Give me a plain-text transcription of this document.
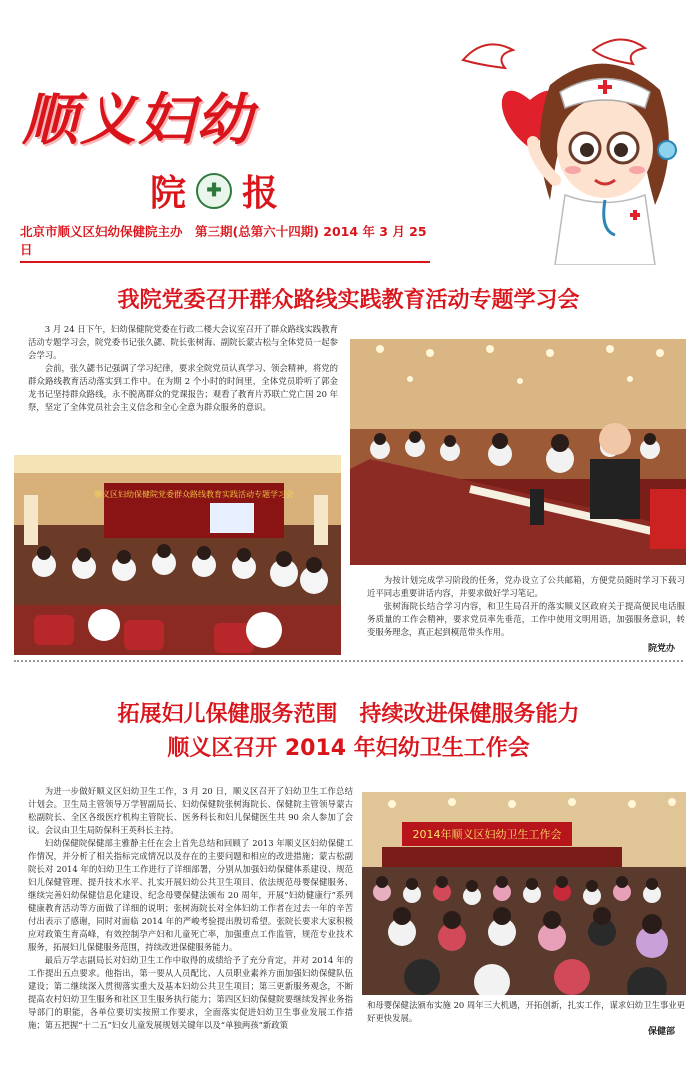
顺义妇幼
院	✚ 报
北京市顺义区妇幼保健院主办　第三期(总第六十四期) 2014 年 3 月 25 日
我院党委召开群众路线实践教育活动专题学习会

3 月 24 日下午，妇幼保健院党委在行政二楼大会议室召开了群众路线实践教育活动专题学习会，院党委书记张久勰、院长张树海、副院长蒙古松与全体党员一起参会学习。

会前，张久勰书记强调了学习纪律，要求全院党员认真学习、领会精神，将党的群众路线教育活动落实到工作中。在为期 2 个小时的时间里，全体党员聆听了郭金龙书记坚持群众路线，永不脱离群众的党课报告；观看了教育片苏联亡党亡国 20 年祭，坚定了全体党员社会主义信念和全心全意为群众服务的意识。

顺义区妇幼保健院党委群众路线教育实践活动专题学习会

为按计划完成学习阶段的任务，党办设立了公共邮箱，方便党员随时学习下载习近平同志重要讲话内容，并要求做好学习笔记。

张树海院长结合学习内容，和卫生局召开的落实顺义区政府关于提高便民电话服务质量的工作会精神，要求党员率先垂范，工作中使用文明用语，加强服务意识，转变服务理念，真正起到模范带头作用。

院党办
拓展妇儿保健服务范围　持续改进保健服务能力
顺义区召开 2014 年妇幼卫生工作会

为进一步做好顺义区妇幼卫生工作，3 月 20 日，顺义区召开了妇幼卫生工作总结计划会。卫生局主管领导万学智副局长、妇幼保健院张树海院长、保健院主管领导蒙古松副院长、全区各级医疗机构主管院长、医务科长和妇儿保健医生共 90 余人参加了会议。会议由卫生局防保科王英科长主持。

妇幼保健院保健部主雅静主任在会上首先总结和回顾了 2013 年顺义区妇幼保健工作情况，并分析了相关指标完成情况以及存在的主要问题和相应的改进措施；蒙古松副院长对 2014 年的妇幼卫生工作进行了详细部署，分别从加强妇幼保健体系建设、规范妇儿保健管理、提升技术水平、扎实开展妇幼公共卫生项目、依法规范母婴保健服务、继续完善妇幼保健信息化建设、纪念母婴保健法颁布 20 周年，开展“妇幼健康行”系列健康教育活动等方面做了详细的说明；张树海院长对全体妇幼工作者在过去一年的辛苦付出表示了感谢，同时对面临 2014 年的严峻考验提出殷切希望。张院长要求大家积极应对政策生育高峰，有效控制孕产妇和儿童死亡率，加强重点工作监管，规范专业技术服务，拓展妇儿保健服务范围，持续改进保健服务能力。

最后万学志副局长对妇幼卫生工作中取得的成绩给予了充分肯定，并对 2014 年的工作提出五点要求。他指出，第一要从人员配比、人员职业素养方面加强妇幼保健队伍建设；第二继续深入贯彻落实重大及基本妇幼公共卫生项目；第三更新服务观念，不断提高农村妇幼卫生服务和社区卫生服务执行能力；第四区妇幼保健院要继续发挥业务指导部门的职能，各单位要切实按照工作要求，全面落实促进妇幼卫生事业发展工作措施；第五把握“十二五”妇女儿童发展规划关键年以及“单独两孩”新政策

2014年顺义区妇幼卫生工作会

和母婴保健法颁布实施 20 周年三大机遇，开拓创新，扎实工作，谋求妇幼卫生事业更好更快发展。

保健部
